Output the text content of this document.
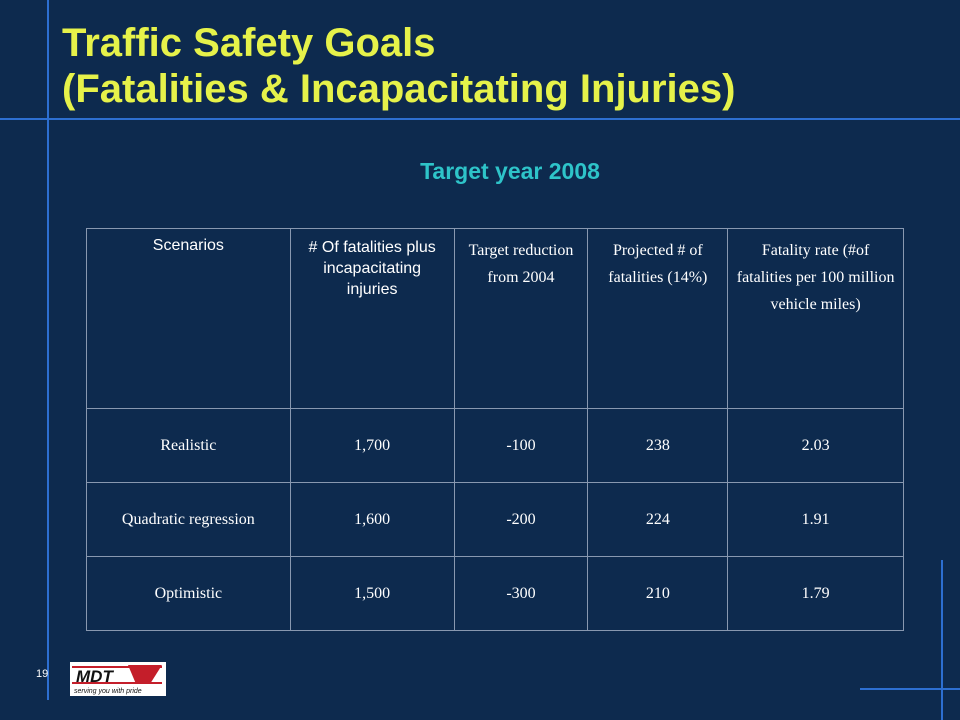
Traffic Safety Goals
(Fatalities & Incapacitating Injuries)
Target year 2008
Scenarios	# Of fatalities plus incapacitating injuries	Target reduction from 2004	Projected # of fatalities (14%)	Fatality rate (#of fatalities per 100 million vehicle miles)
Realistic	1,700	-100	238	2.03
Quadratic regression	1,600	-200	224	1.91
Optimistic	1,500	-300	210	1.79
19 MDT
serving you with pride
